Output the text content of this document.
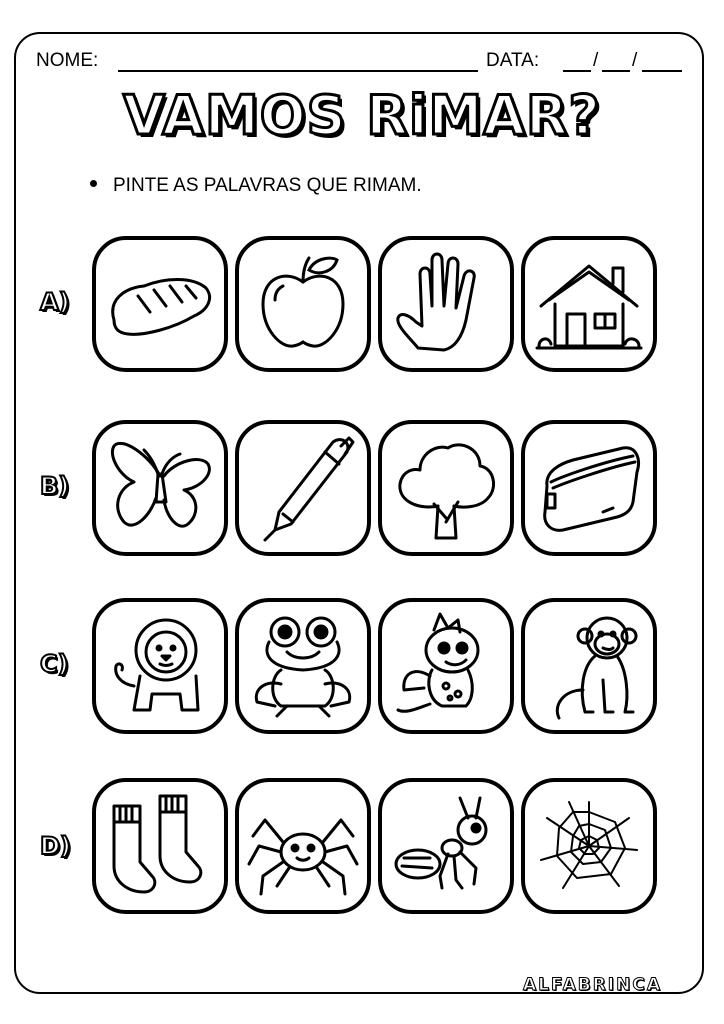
NOME:	DATA:	/ /
VAMOS RiMAR?
PINTE AS PALAVRAS QUE RIMAM.
A)
B)
C)
D)
ALFABRINCA
